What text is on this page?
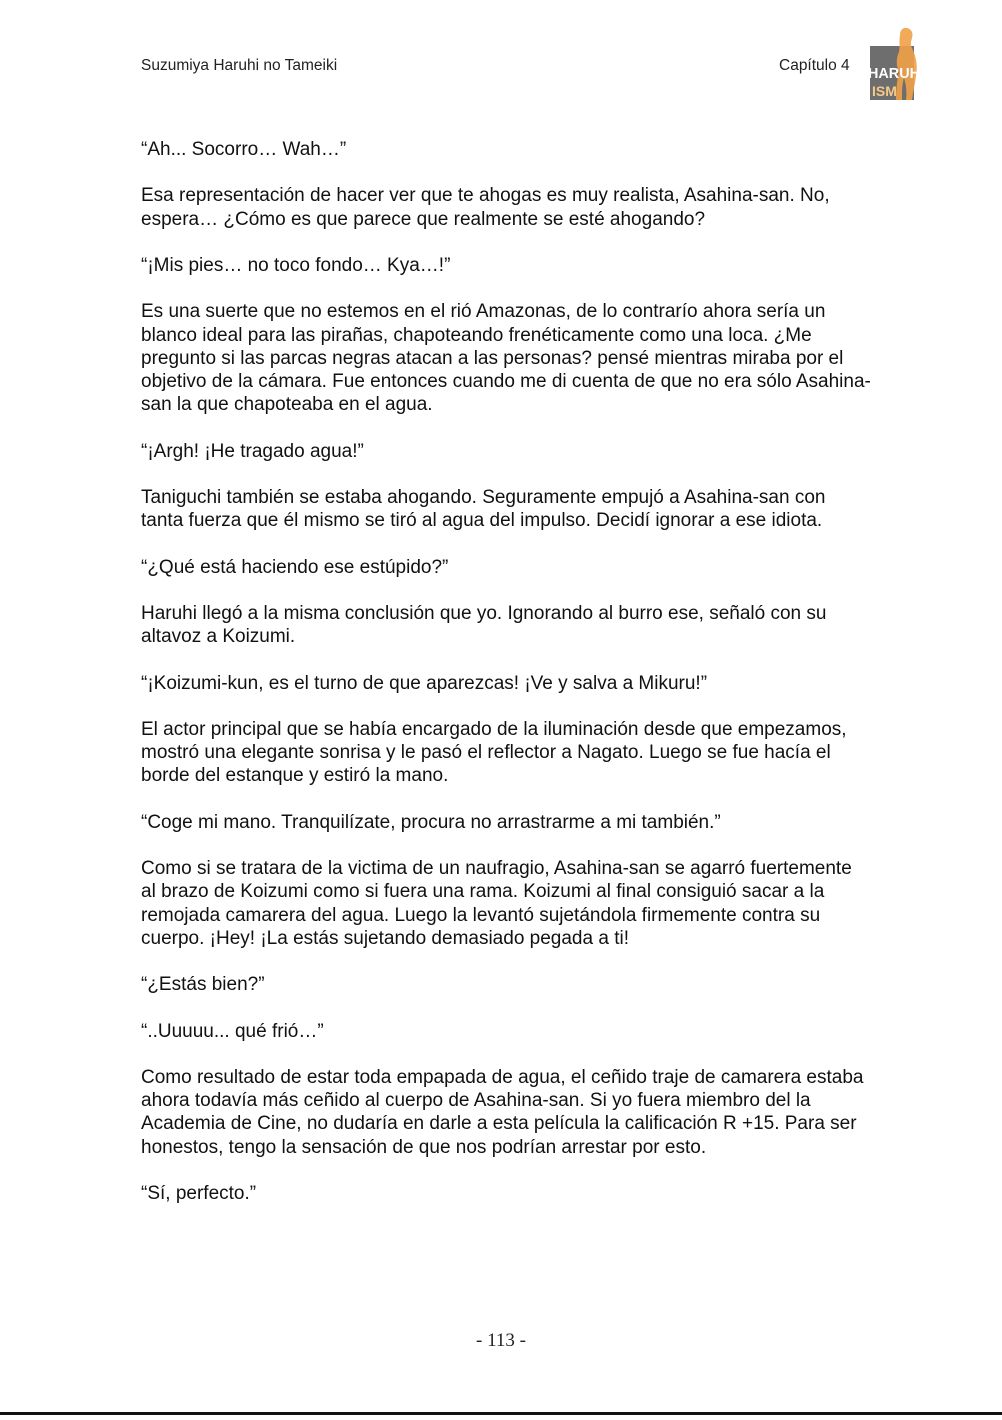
Suzumiya Haruhi no Tameiki	Capítulo 4 HARUHI
ISM

“Ah... Socorro… Wah…”

Esa representación de hacer ver que te ahogas es muy realista, Asahina-san. No, espera… ¿Cómo es que parece que realmente se esté ahogando?

“¡Mis pies… no toco fondo… Kya…!”

Es una suerte que no estemos en el rió Amazonas, de lo contrarío ahora sería un blanco ideal para las pirañas, chapoteando frenéticamente como una loca. ¿Me pregunto si las parcas negras atacan a las personas? pensé mientras miraba por el objetivo de la cámara. Fue entonces cuando me di cuenta de que no era sólo Asahina-san la que chapoteaba en el agua.

“¡Argh! ¡He tragado agua!”

Taniguchi también se estaba ahogando. Seguramente empujó a Asahina-san con tanta fuerza que él mismo se tiró al agua del impulso. Decidí ignorar a ese idiota.

“¿Qué está haciendo ese estúpido?”

Haruhi llegó a la misma conclusión que yo. Ignorando al burro ese, señaló con su altavoz a Koizumi.

“¡Koizumi-kun, es el turno de que aparezcas! ¡Ve y salva a Mikuru!”

El actor principal que se había encargado de la iluminación desde que empezamos, mostró una elegante sonrisa y le pasó el reflector a Nagato. Luego se fue hacía el borde del estanque y estiró la mano.

“Coge mi mano. Tranquilízate, procura no arrastrarme a mi también.”

Como si se tratara de la victima de un naufragio, Asahina-san se agarró fuertemente al brazo de Koizumi como si fuera una rama. Koizumi al final consiguió sacar a la remojada camarera del agua. Luego la levantó sujetándola firmemente contra su cuerpo. ¡Hey! ¡La estás sujetando demasiado pegada a ti!

“¿Estás bien?”

“..Uuuuu... qué frió…”

Como resultado de estar toda empapada de agua, el ceñido traje de camarera estaba ahora todavía más ceñido al cuerpo de Asahina-san. Si yo fuera miembro del la Academia de Cine, no dudaría en darle a esta película la calificación R +15. Para ser honestos, tengo la sensación de que nos podrían arrestar por esto.

“Sí, perfecto.”

- 113 -
